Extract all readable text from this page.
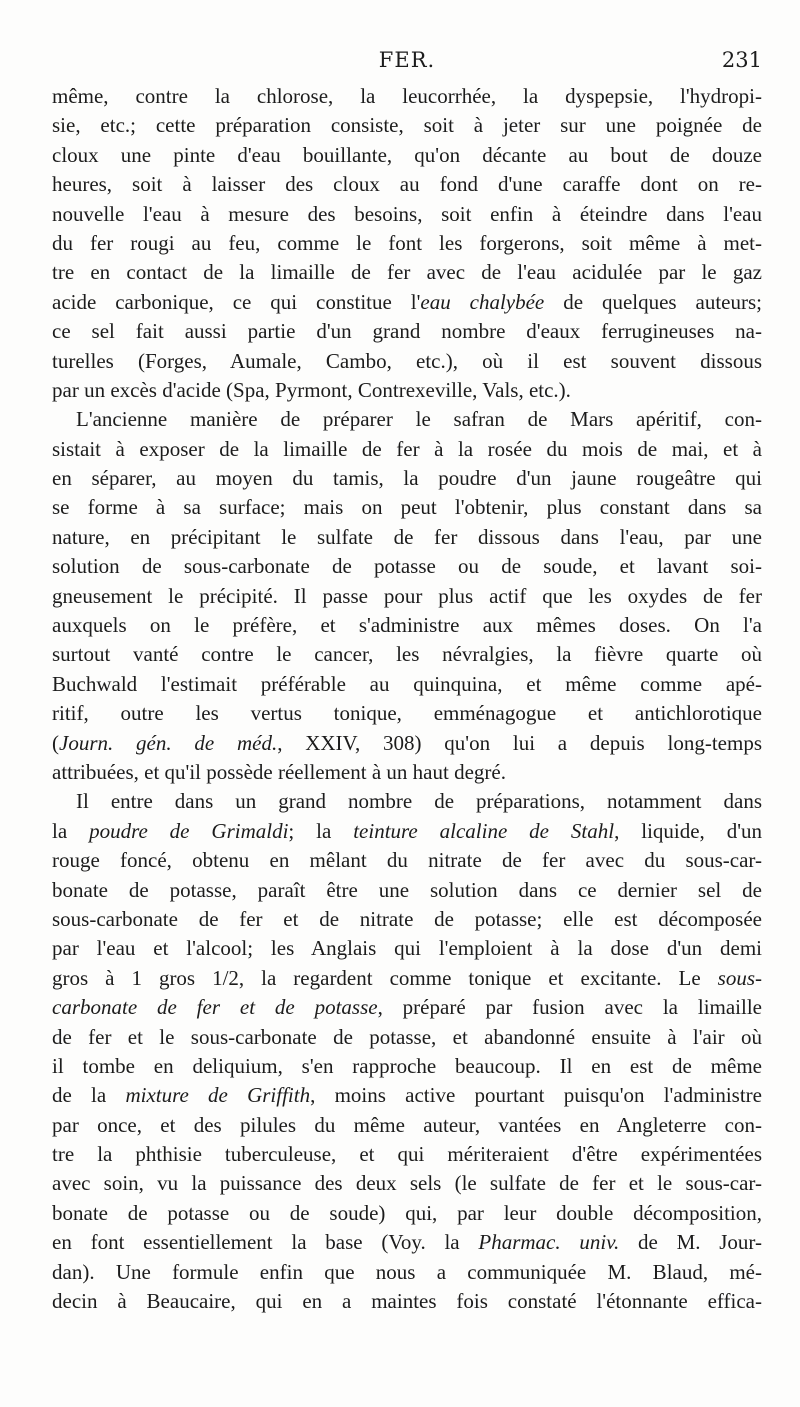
FER.	231
même, contre la chlorose, la leucorrhée, la dyspepsie, l'hydropi-
sie, etc.; cette préparation consiste, soit à jeter sur une poignée de
cloux une pinte d'eau bouillante, qu'on décante au bout de douze
heures, soit à laisser des cloux au fond d'une caraffe dont on re-
nouvelle l'eau à mesure des besoins, soit enfin à éteindre dans l'eau
du fer rougi au feu, comme le font les forgerons, soit même à met-
tre en contact de la limaille de fer avec de l'eau acidulée par le gaz
acide carbonique, ce qui constitue l'eau chalybée de quelques auteurs;
ce sel fait aussi partie d'un grand nombre d'eaux ferrugineuses na-
turelles (Forges, Aumale, Cambo, etc.), où il est souvent dissous
par un excès d'acide (Spa, Pyrmont, Contrexeville, Vals, etc.).
L'ancienne manière de préparer le safran de Mars apéritif, con-
sistait à exposer de la limaille de fer à la rosée du mois de mai, et à
en séparer, au moyen du tamis, la poudre d'un jaune rougeâtre qui
se forme à sa surface; mais on peut l'obtenir, plus constant dans sa
nature, en précipitant le sulfate de fer dissous dans l'eau, par une
solution de sous-carbonate de potasse ou de soude, et lavant soi-
gneusement le précipité. Il passe pour plus actif que les oxydes de fer
auxquels on le préfère, et s'administre aux mêmes doses. On l'a
surtout vanté contre le cancer, les névralgies, la fièvre quarte où
Buchwald l'estimait préférable au quinquina, et même comme apé-
ritif, outre les vertus tonique, emménagogue et antichlorotique
(Journ. gén. de méd., XXIV, 308) qu'on lui a depuis long-temps
attribuées, et qu'il possède réellement à un haut degré.
Il entre dans un grand nombre de préparations, notamment dans
la poudre de Grimaldi; la teinture alcaline de Stahl, liquide, d'un
rouge foncé, obtenu en mêlant du nitrate de fer avec du sous-car-
bonate de potasse, paraît être une solution dans ce dernier sel de
sous-carbonate de fer et de nitrate de potasse; elle est décomposée
par l'eau et l'alcool; les Anglais qui l'emploient à la dose d'un demi
gros à 1 gros 1/2, la regardent comme tonique et excitante. Le sous-
carbonate de fer et de potasse, préparé par fusion avec la limaille
de fer et le sous-carbonate de potasse, et abandonné ensuite à l'air où
il tombe en deliquium, s'en rapproche beaucoup. Il en est de même
de la mixture de Griffith, moins active pourtant puisqu'on l'administre
par once, et des pilules du même auteur, vantées en Angleterre con-
tre la phthisie tuberculeuse, et qui mériteraient d'être expérimentées
avec soin, vu la puissance des deux sels (le sulfate de fer et le sous-car-
bonate de potasse ou de soude) qui, par leur double décomposition,
en font essentiellement la base (Voy. la Pharmac. univ. de M. Jour-
dan). Une formule enfin que nous a communiquée M. Blaud, mé-
decin à Beaucaire, qui en a maintes fois constaté l'étonnante effica-
